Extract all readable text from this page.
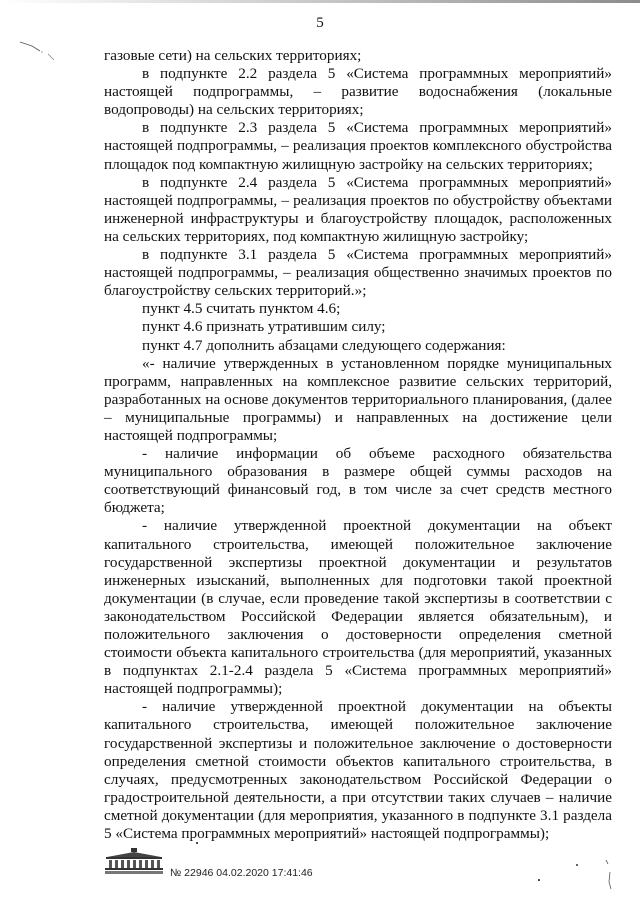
5

газовые сети) на сельских территориях;

в подпункте 2.2 раздела 5 «Система программных мероприятий» настоящей подпрограммы, – развитие водоснабжения (локальные водопроводы) на сельских территориях;

в подпункте 2.3 раздела 5 «Система программных мероприятий» настоящей подпрограммы, – реализация проектов комплексного обустройства площадок под компактную жилищную застройку на сельских территориях;

в подпункте 2.4 раздела 5 «Система программных мероприятий» настоящей подпрограммы, – реализация проектов по обустройству объектами инженерной инфраструктуры и благоустройству площадок, расположенных на сельских территориях, под компактную жилищную застройку;

в подпункте 3.1 раздела 5 «Система программных мероприятий» настоящей подпрограммы, – реализация общественно значимых проектов по благоустройству сельских территорий.»;

пункт 4.5 считать пунктом 4.6;

пункт 4.6 признать утратившим силу;

пункт 4.7 дополнить абзацами следующего содержания:

«- наличие утвержденных в установленном порядке муниципальных программ, направленных на комплексное развитие сельских территорий, разработанных на основе документов территориального планирования, (далее – муниципальные программы) и направленных на достижение цели настоящей подпрограммы;

- наличие информации об объеме расходного обязательства муниципального образования в размере общей суммы расходов на соответствующий финансовый год, в том числе за счет средств местного бюджета;

- наличие утвержденной проектной документации на объект капитального строительства, имеющей положительное заключение государственной экспертизы проектной документации и результатов инженерных изысканий, выполненных для подготовки такой проектной документации (в случае, если проведение такой экспертизы в соответствии с законодательством Российской Федерации является обязательным), и положительного заключения о достоверности определения сметной стоимости объекта капитального строительства (для мероприятий, указанных в подпунктах 2.1-2.4 раздела 5 «Система программных мероприятий» настоящей подпрограммы);

- наличие утвержденной проектной документации на объекты капитального строительства, имеющей положительное заключение государственной экспертизы и положительное заключение о достоверности определения сметной стоимости объектов капитального строительства, в случаях, предусмотренных законодательством Российской Федерации о градостроительной деятельности, а при отсутствии таких случаев – наличие сметной документации (для мероприятия, указанного в подпункте 3.1 раздела 5 «Система программных мероприятий» настоящей подпрограммы);

№ 22946 04.02.2020 17:41:46
